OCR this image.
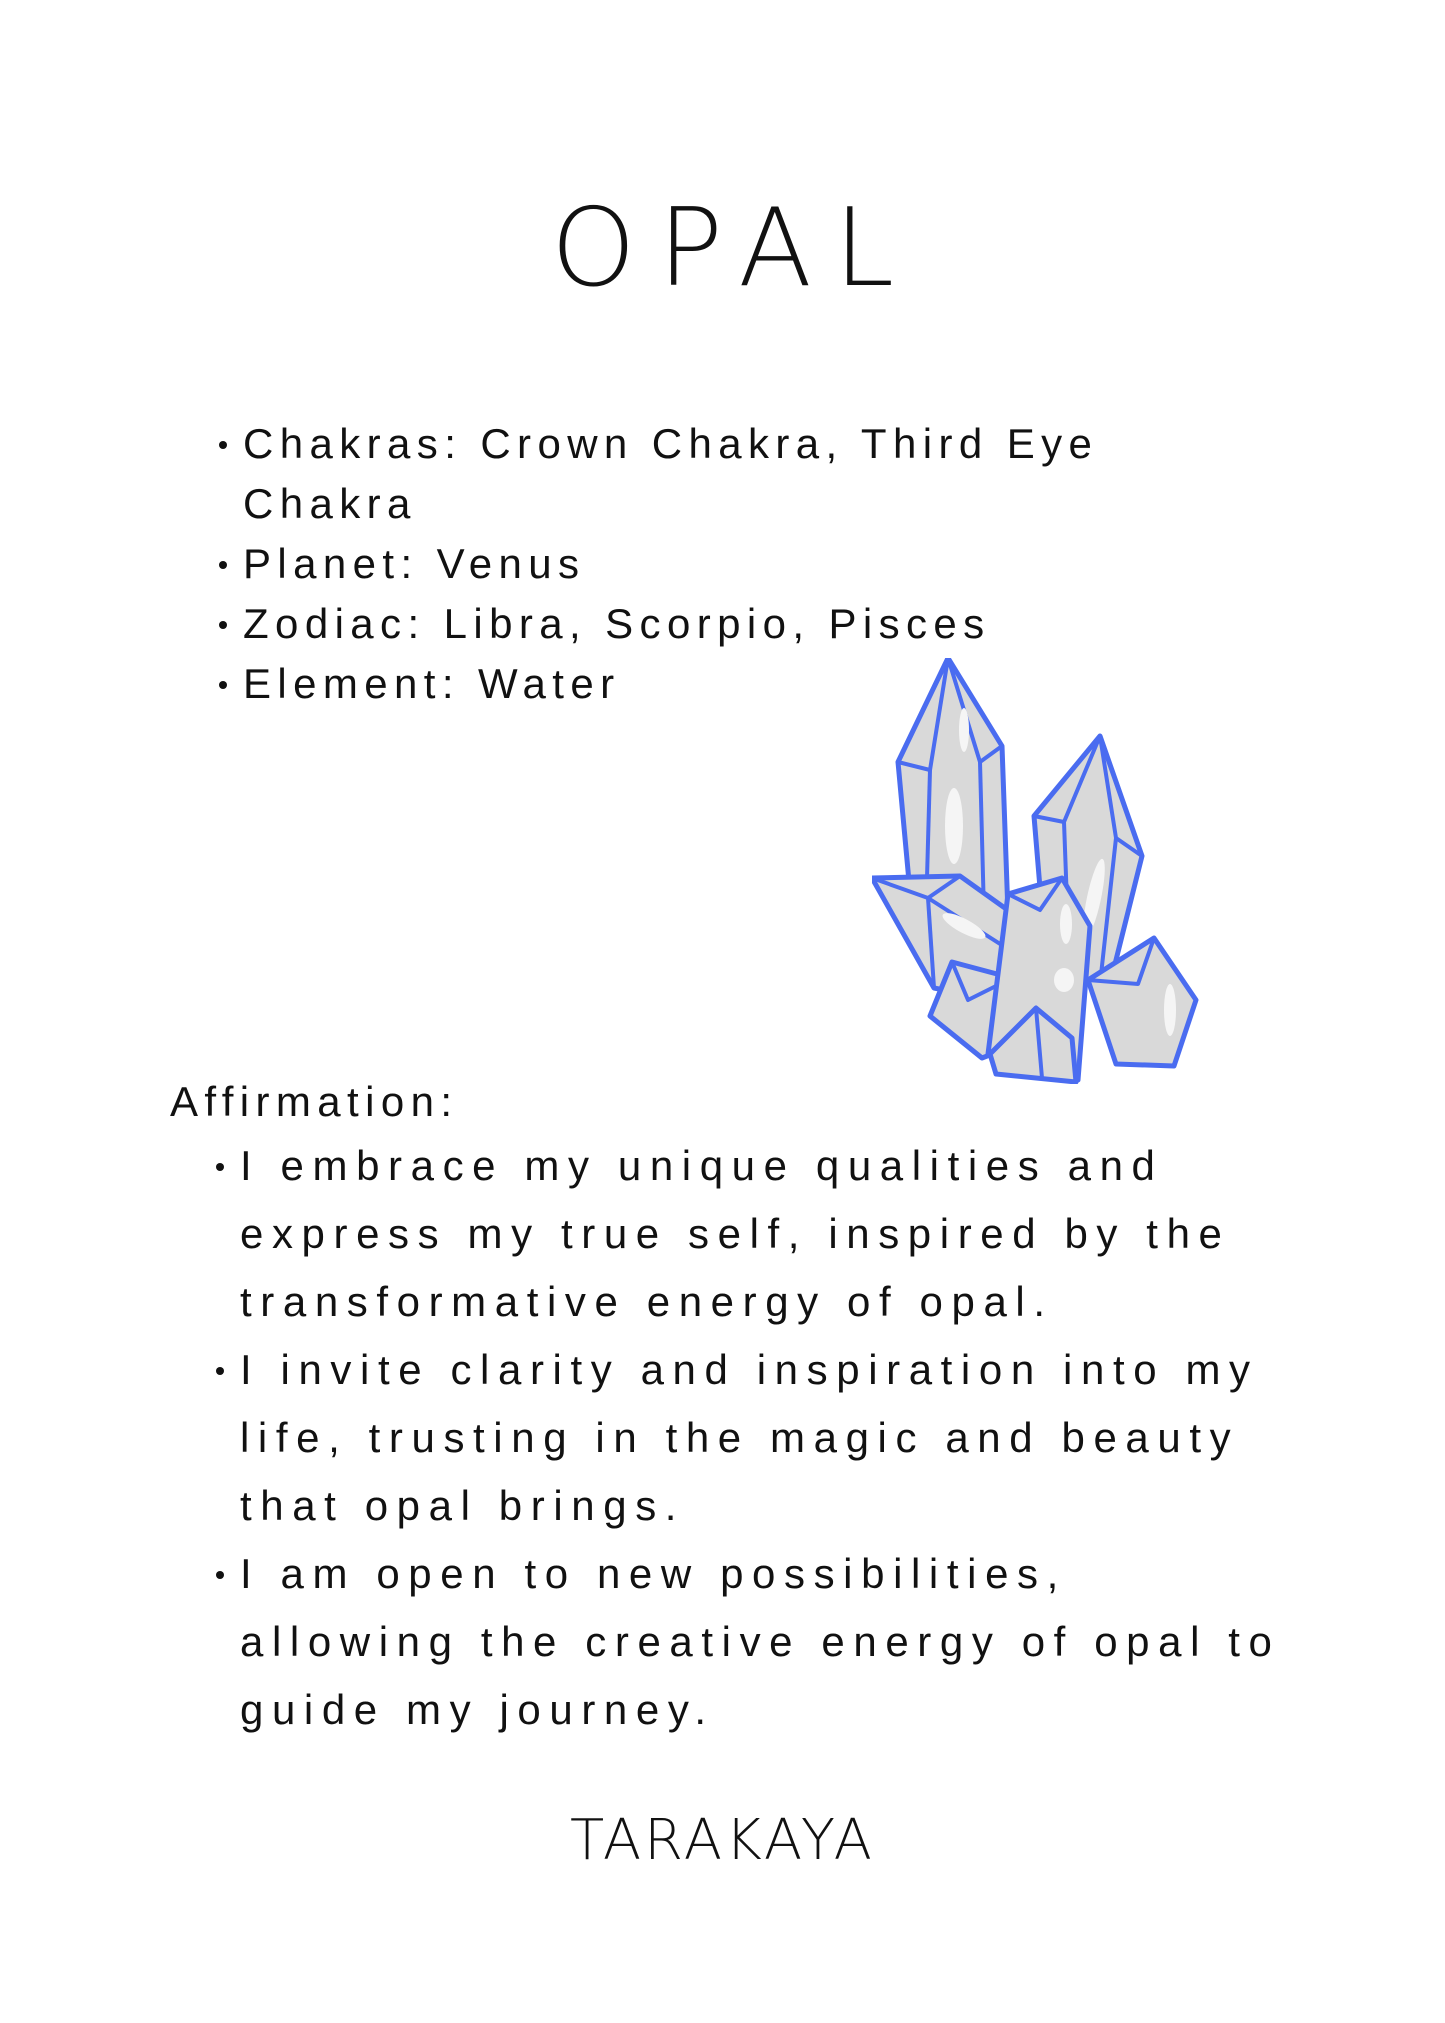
OPAL
Chakras: Crown Chakra, Third Eye Chakra
Planet: Venus
Zodiac: Libra, Scorpio, Pisces
Element: Water

Affirmation:

I embrace my unique qualities and express my true self, inspired by the transformative energy of opal.
I invite clarity and inspiration into my life, trusting in the magic and beauty that opal brings.
I am open to new possibilities, allowing the creative energy of opal to guide my journey.

TARAKAYA
